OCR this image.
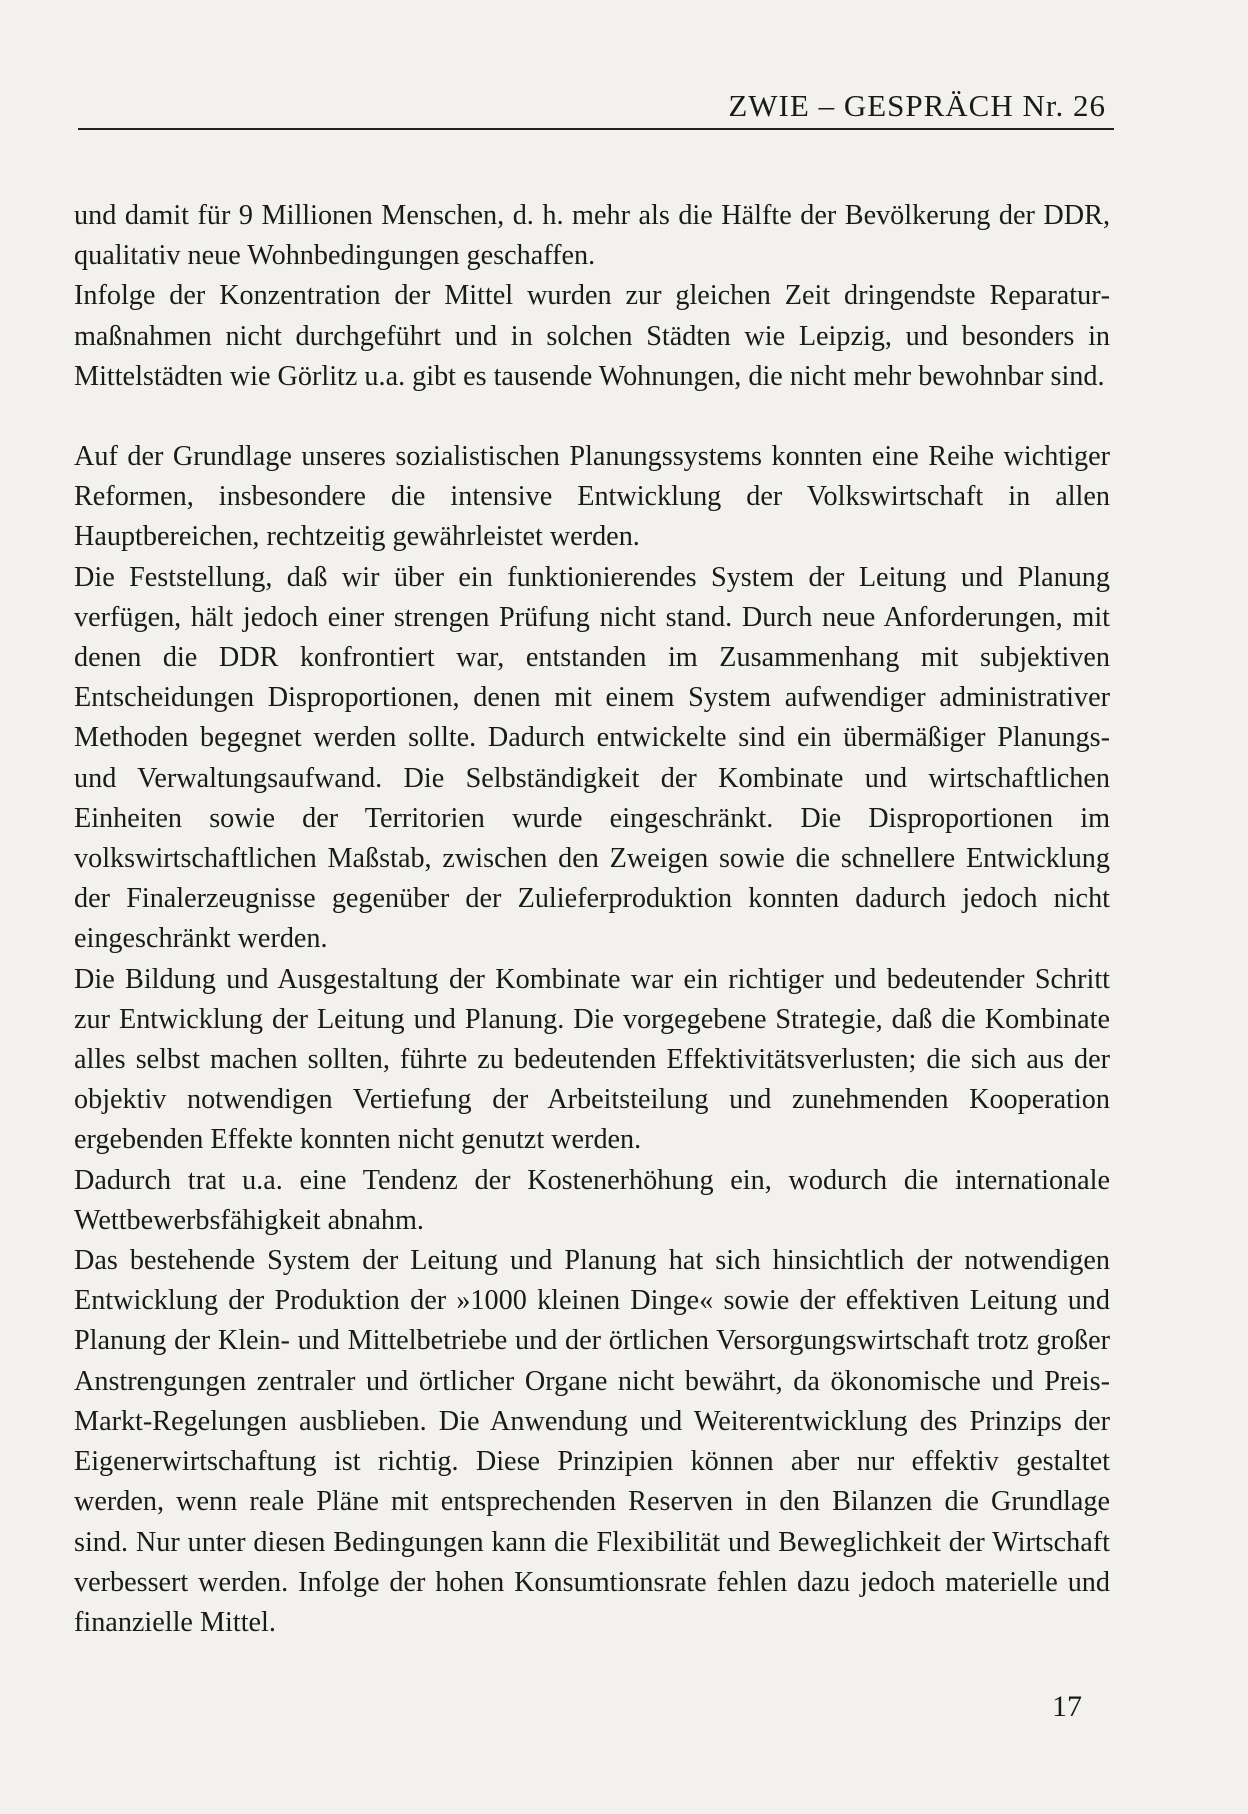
ZWIE – GESPRÄCH Nr. 26

und damit für 9 Millionen Menschen, d. h. mehr als die Hälfte der Bevölkerung der DDR, qualitativ neue Wohnbedingungen geschaffen.

Infolge der Konzentration der Mittel wurden zur gleichen Zeit dringendste Reparaturmaßnahmen nicht durchgeführt und in solchen Städten wie Leipzig, und besonders in Mittelstädten wie Görlitz u.a. gibt es tausende Wohnungen, die nicht mehr bewohnbar sind.

Auf der Grundlage unseres sozialistischen Planungssystems konnten eine Reihe wichtiger Reformen, insbesondere die intensive Entwicklung der Volkswirtschaft in allen Hauptbereichen, rechtzeitig gewährleistet werden.

Die Feststellung, daß wir über ein funktionierendes System der Leitung und Planung verfügen, hält jedoch einer strengen Prüfung nicht stand. Durch neue Anforderungen, mit denen die DDR konfrontiert war, entstanden im Zusammenhang mit subjektiven Entscheidungen Disproportionen, denen mit einem System aufwendiger administrativer Methoden begegnet werden sollte. Dadurch entwickelte sind ein übermäßiger Planungs- und Verwaltungsaufwand. Die Selbständigkeit der Kombinate und wirtschaftlichen Einheiten sowie der Territorien wurde eingeschränkt. Die Disproportionen im volkswirtschaftlichen Maßstab, zwischen den Zweigen sowie die schnellere Entwicklung der Finalerzeugnisse gegenüber der Zulieferproduktion konnten dadurch jedoch nicht eingeschränkt werden.

Die Bildung und Ausgestaltung der Kombinate war ein richtiger und bedeutender Schritt zur Entwicklung der Leitung und Planung. Die vorgegebene Strategie, daß die Kombinate alles selbst machen sollten, führte zu bedeutenden Effektivitätsverlusten; die sich aus der objektiv notwendigen Vertiefung der Arbeitsteilung und zunehmenden Kooperation ergebenden Effekte konnten nicht genutzt werden.

Dadurch trat u.a. eine Tendenz der Kostenerhöhung ein, wodurch die internationale Wettbewerbsfähigkeit abnahm.

Das bestehende System der Leitung und Planung hat sich hinsichtlich der notwendigen Entwicklung der Produktion der »1000 kleinen Dinge« sowie der effektiven Leitung und Planung der Klein- und Mittelbetriebe und der örtlichen Versorgungswirtschaft trotz großer Anstrengungen zentraler und örtlicher Organe nicht bewährt, da ökonomische und Preis-Markt-Regelungen ausblieben. Die Anwendung und Weiterentwicklung des Prinzips der Eigenerwirtschaftung ist richtig. Diese Prinzipien können aber nur effektiv gestaltet werden, wenn reale Pläne mit entsprechenden Reserven in den Bilanzen die Grundlage sind. Nur unter diesen Bedingungen kann die Flexibilität und Beweglichkeit der Wirtschaft verbessert werden. Infolge der hohen Konsumtionsrate fehlen dazu jedoch materielle und finanzielle Mittel.

17
